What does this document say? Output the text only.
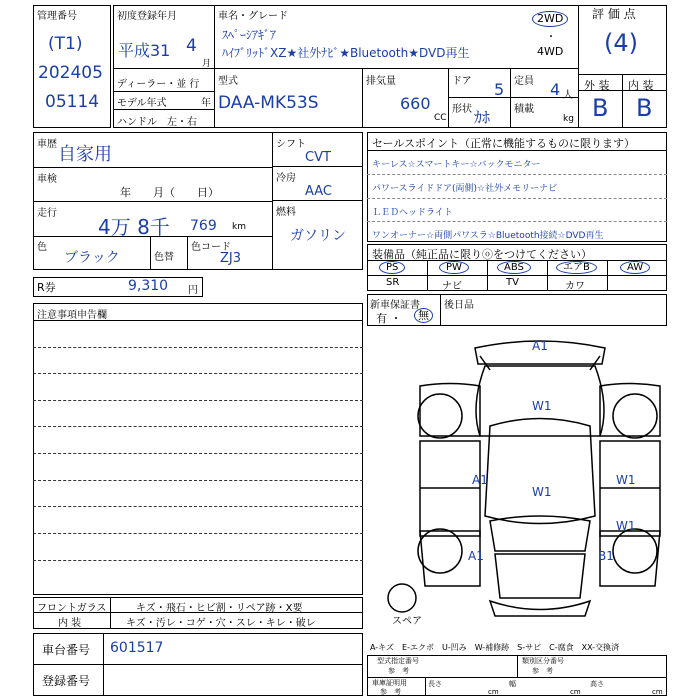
管理番号
(T1)
202405
05114
初度登録年月
平成31 4
月
車名・グレード
ｽﾍﾟｰｼｱｷﾞｱ
ﾊｲﾌﾞﾘｯﾄﾞXZ★社外ﾅﾋﾞ★Bluetooth★DVD再生
2WD
・
4WD
評 価 点
(4)
ディーラー・並 行
モデル年式	年
ハンドル　左・右
型式
DAA-MK53S
排気量
660
CC
ドア 5 定員 4 人
形状 ｶﾎ 積載
kg
外 装 内 装
B B
車歴 自家用
車検
年　　月（　　日）
走行
4万 8千 769 km
色
ブラック	色替
色コード
ZJ3
シフト
CVT
冷房
AAC
燃料
ガソリン
セールスポイント（正常に機能するものに限ります）
キーレス☆スマートキー☆バックモニター
パワースライドドア(両側)☆社外メモリーナビ
ＬＥＤヘッドライト
ワンオーナー☆両側パワスラ☆Bluetooth接続☆DVD再生
装備品（純正品に限りⓞをつけてください）
PS	PW	ABS	エアB	AW
SR	ナビ	TV	カワ
R券	9,310 円
新車保証書
有 ・	無
後日品
注意事項申告欄
A1
W1
A1
W1
W1
W1
A1	B1
スペア
フロントガラス	キズ・飛石・ヒビ割・リペア跡・X要
内 装	キズ・汚レ・コゲ・穴・スレ・キレ・破レ
車台番号 601517
登録番号
A-キズ　E-エクボ　U-凹み　W-補修跡　S-サビ　C-腐食　XX-交換済
型式指定番号
参　考
類別区分番号
参　考
車庫証明用
参　考
長さ
cm
幅
cm
高さ
cm
